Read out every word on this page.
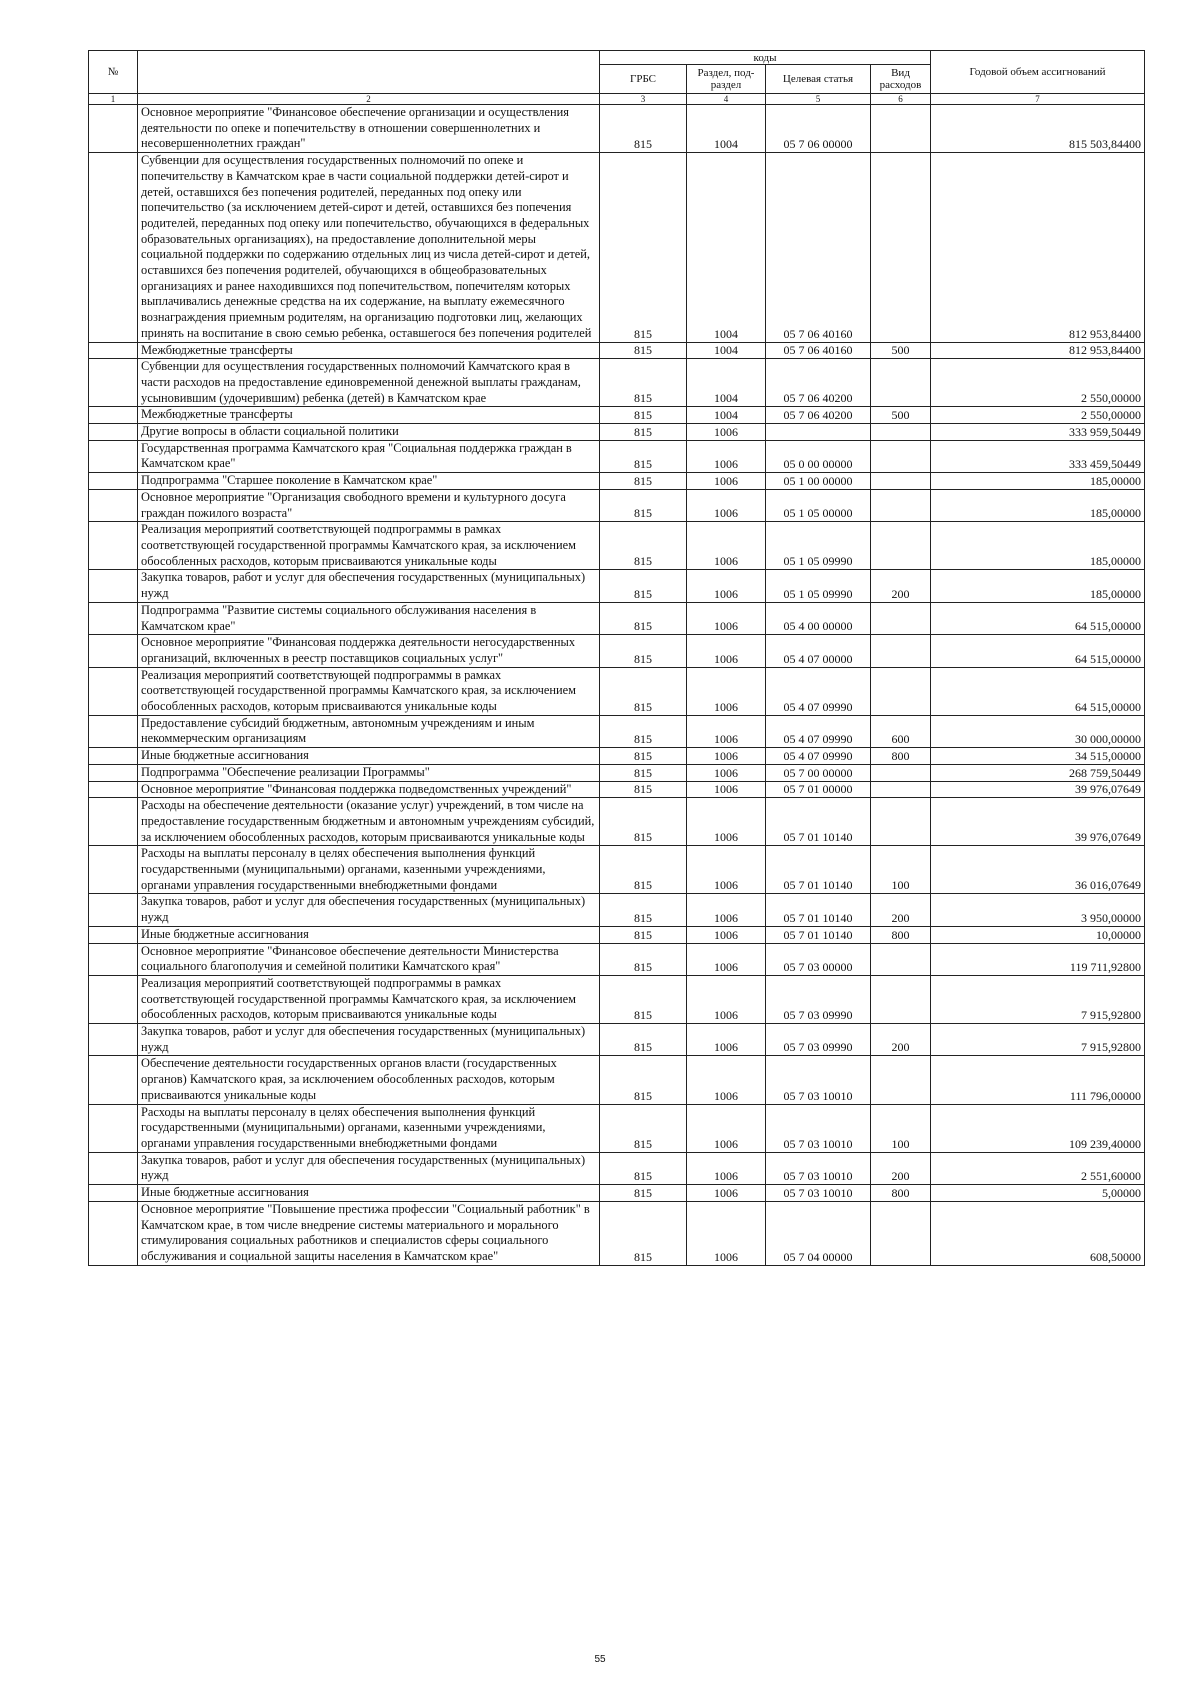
№		коды				Годовой объем ассигнований
		ГРБС	Раздел, под-раздел	Целевая статья	Вид расходов	
1	2	3	4	5	6	7
	Основное мероприятие "Финансовое обеспечение организации и осуществления деятельности по опеке и попечительству в отношении совершеннолетних и несовершеннолетних граждан"	815	1004	05 7 06 00000		815 503,84400
	Субвенции для осуществления государственных полномочий по опеке и попечительству в Камчатском крае в части социальной поддержки детей-сирот и детей, оставшихся без попечения родителей, переданных под опеку или попечительство (за исключением детей-сирот и детей, оставшихся без попечения родителей, переданных под опеку или попечительство, обучающихся в федеральных образовательных организациях), на предоставление дополнительной меры социальной поддержки по содержанию отдельных лиц из числа детей-сирот и детей, оставшихся без попечения родителей, обучающихся в общеобразовательных организациях и ранее находившихся под попечительством, попечителям которых выплачивались денежные средства на их содержание, на выплату ежемесячного вознаграждения приемным родителям, на организацию подготовки лиц, желающих принять на воспитание в свою семью ребенка, оставшегося без попечения родителей	815	1004	05 7 06 40160		812 953,84400
	Межбюджетные трансферты	815	1004	05 7 06 40160	500	812 953,84400
	Субвенции для осуществления государственных полномочий Камчатского края в части расходов на предоставление единовременной денежной выплаты гражданам, усыновившим (удочерившим) ребенка (детей) в Камчатском крае	815	1004	05 7 06 40200		2 550,00000
	Межбюджетные трансферты	815	1004	05 7 06 40200	500	2 550,00000
	Другие вопросы в области социальной политики	815	1006			333 959,50449
	Государственная программа Камчатского края "Социальная поддержка граждан в Камчатском крае"	815	1006	05 0 00 00000		333 459,50449
	Подпрограмма "Старшее поколение в Камчатском крае"	815	1006	05 1 00 00000		185,00000
	Основное мероприятие "Организация свободного времени и культурного досуга граждан пожилого возраста"	815	1006	05 1 05 00000		185,00000
	Реализация мероприятий соответствующей подпрограммы в рамках соответствующей государственной программы Камчатского края, за исключением обособленных расходов, которым присваиваются уникальные коды	815	1006	05 1 05 09990		185,00000
	Закупка товаров, работ и услуг для обеспечения государственных (муниципальных) нужд	815	1006	05 1 05 09990	200	185,00000
	Подпрограмма "Развитие системы социального обслуживания населения в Камчатском крае"	815	1006	05 4 00 00000		64 515,00000
	Основное мероприятие "Финансовая поддержка деятельности негосударственных организаций, включенных в реестр поставщиков социальных услуг"	815	1006	05 4 07 00000		64 515,00000
	Реализация мероприятий соответствующей подпрограммы в рамках соответствующей государственной программы Камчатского края, за исключением обособленных расходов, которым присваиваются уникальные коды	815	1006	05 4 07 09990		64 515,00000
	Предоставление субсидий бюджетным, автономным учреждениям и иным некоммерческим организациям	815	1006	05 4 07 09990	600	30 000,00000
	Иные бюджетные ассигнования	815	1006	05 4 07 09990	800	34 515,00000
	Подпрограмма "Обеспечение реализации Программы"	815	1006	05 7 00 00000		268 759,50449
	Основное мероприятие "Финансовая поддержка подведомственных учреждений"	815	1006	05 7 01 00000		39 976,07649
	Расходы на обеспечение деятельности (оказание услуг) учреждений, в том числе на предоставление государственным бюджетным и автономным учреждениям субсидий, за исключением обособленных расходов, которым присваиваются уникальные коды	815	1006	05 7 01 10140		39 976,07649
	Расходы на выплаты персоналу в целях обеспечения выполнения функций государственными (муниципальными) органами, казенными учреждениями, органами управления государственными внебюджетными фондами	815	1006	05 7 01 10140	100	36 016,07649
	Закупка товаров, работ и услуг для обеспечения государственных (муниципальных) нужд	815	1006	05 7 01 10140	200	3 950,00000
	Иные бюджетные ассигнования	815	1006	05 7 01 10140	800	10,00000
	Основное мероприятие "Финансовое обеспечение деятельности Министерства социального благополучия и семейной политики Камчатского края"	815	1006	05 7 03 00000		119 711,92800
	Реализация мероприятий соответствующей подпрограммы в рамках соответствующей государственной программы Камчатского края, за исключением обособленных расходов, которым присваиваются уникальные коды	815	1006	05 7 03 09990		7 915,92800
	Закупка товаров, работ и услуг для обеспечения государственных (муниципальных) нужд	815	1006	05 7 03 09990	200	7 915,92800
	Обеспечение деятельности государственных органов власти (государственных органов) Камчатского края, за исключением обособленных расходов, которым присваиваются уникальные коды	815	1006	05 7 03 10010		111 796,00000
	Расходы на выплаты персоналу в целях обеспечения выполнения функций государственными (муниципальными) органами, казенными учреждениями, органами управления государственными внебюджетными фондами	815	1006	05 7 03 10010	100	109 239,40000
	Закупка товаров, работ и услуг для обеспечения государственных (муниципальных) нужд	815	1006	05 7 03 10010	200	2 551,60000
	Иные бюджетные ассигнования	815	1006	05 7 03 10010	800	5,00000
	Основное мероприятие "Повышение престижа профессии "Социальный работник" в Камчатском крае, в том числе внедрение системы материального и морального стимулирования социальных работников и специалистов сферы социального обслуживания и социальной защиты населения в Камчатском крае"	815	1006	05 7 04 00000		608,50000
55
